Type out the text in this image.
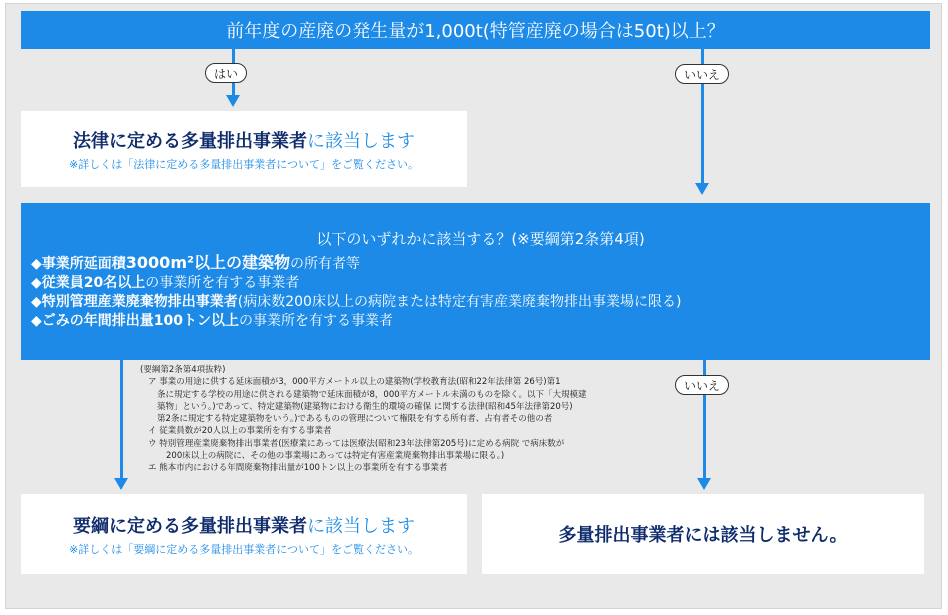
前年度の産廃の発生量が1,000t(特管産廃の場合は50t)以上？
はい	いいえ
法律に定める多量排出事業者に該当します
※詳しくは「法律に定める多量排出事業者について」をご覧ください。
以下のいずれかに該当する？(※要綱第2条第4項)
◆事業所延面積3000m²以上の建築物の所有者等
◆従業員20名以上の事業所を有する事業者
◆特別管理産業廃棄物排出事業者(病床数200床以上の病院または特定有害産業廃棄物排出事業場に限る)
◆ごみの年間排出量100トン以上の事業所を有する事業者
いいえ
(要綱第2条第4項抜粋)
ア 事業の用途に供する延床面積が3，000平方メートル以上の建築物(学校教育法(昭和22年法律第 26号)第1
条に規定する学校の用途に供される建築物で延床面積が8，000平方メートル未満のものを除く。以下「大規模建
築物」という。)であって、特定建築物(建築物における衛生的環境の確保 に関する法律(昭和45年法律第20号)
第2条に規定する特定建築物をいう。)であるものの管理について権限を有する所有者、占有者その他の者
イ 従業員数が20人以上の事業所を有する事業者
ウ 特別管理産業廃棄物排出事業者(医療業にあっては医療法(昭和23年法律第205号)に定める病院 で病床数が
200床以上の病院に、その他の事業場にあっては特定有害産業廃棄物排出事業場に限る。)
エ 熊本市内における年間廃棄物排出量が100トン以上の事業所を有する事業者
要綱に定める多量排出事業者に該当します
※詳しくは「要綱に定める多量排出事業者について」をご覧ください。
多量排出事業者には該当しません。
